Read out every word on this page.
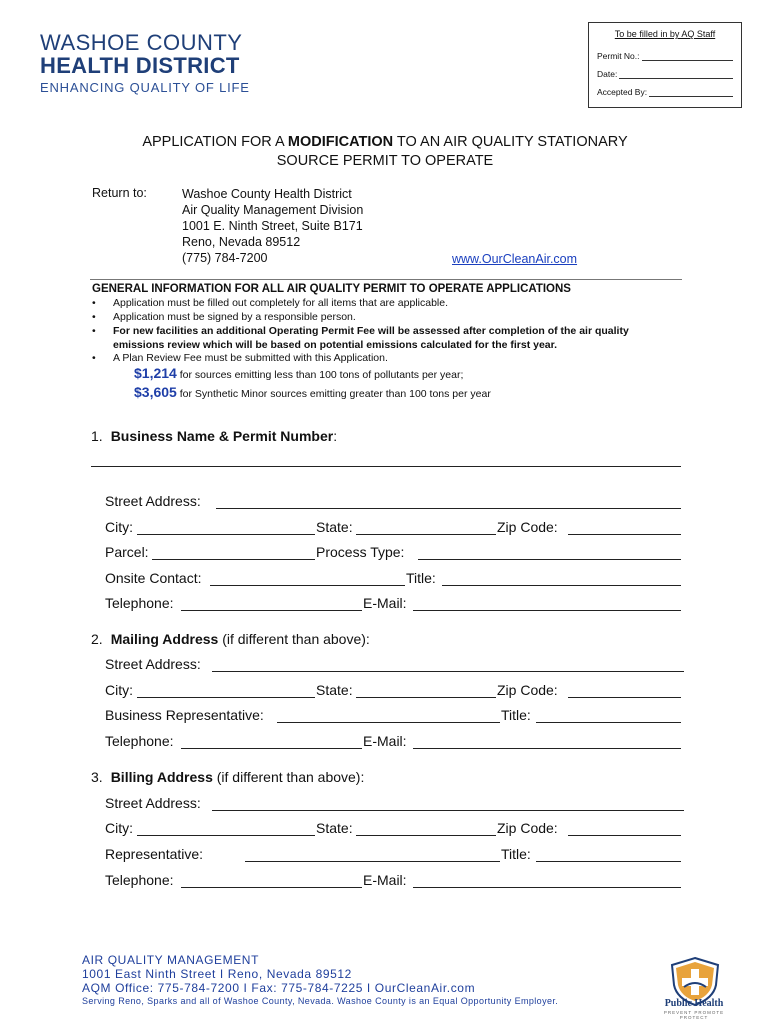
WASHOE COUNTY
HEALTH DISTRICT
ENHANCING QUALITY OF LIFE
To be filled in by AQ Staff
Permit No.:
Date:
Accepted By:
APPLICATION FOR A MODIFICATION TO AN AIR QUALITY STATIONARY
SOURCE PERMIT TO OPERATE
Return to:	Washoe County Health District
Air Quality Management Division
1001 E. Ninth Street, Suite B171
Reno, Nevada 89512
(775) 784-7200	www.OurCleanAir.com
GENERAL INFORMATION FOR ALL AIR QUALITY PERMIT TO OPERATE APPLICATIONS
•	Application must be filled out completely for all items that are applicable.
•	Application must be signed by a responsible person.
•	For new facilities an additional Operating Permit Fee will be assessed after completion of the air quality emissions review which will be based on potential emissions calculated for the first year.
•	A Plan Review Fee must be submitted with this Application.
$1,214 for sources emitting less than 100 tons of pollutants per year;
$3,605 for Synthetic Minor sources emitting greater than 100 tons per year
1. Business Name & Permit Number:
Street Address:
City:	State:	Zip Code:
Parcel:	Process Type:
Onsite Contact:	Title:
Telephone:	E-Mail:
2. Mailing Address (if different than above):
Street Address:
City:	State:	Zip Code:
Business Representative:	Title:
Telephone:	E-Mail:
3. Billing Address (if different than above):
Street Address:
City:	State:	Zip Code:
Representative:	Title:
Telephone:	E-Mail:
AIR QUALITY MANAGEMENT
1001 East Ninth Street I Reno, Nevada 89512
AQM Office: 775-784-7200 I Fax: 775-784-7225 I OurCleanAir.com
Serving Reno, Sparks and all of Washoe County, Nevada. Washoe County is an Equal Opportunity Employer.	Public Health
PREVENT PROMOTE PROTECT
